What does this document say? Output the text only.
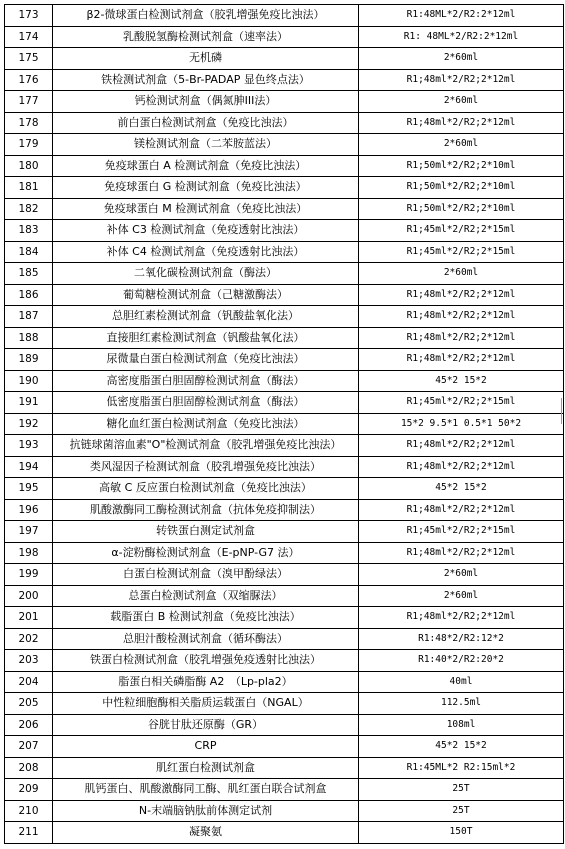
173	β2-微球蛋白检测试剂盒（胶乳增强免疫比浊法）	R1:48ML*2/R2:2*12ml
174	乳酸脱氢酶检测试剂盒（速率法）	R1: 48ML*2/R2:2*12ml
175	无机磷	2*60ml
176	铁检测试剂盒（5-Br-PADAP 显色终点法）	R1;48ml*2/R2;2*12ml
177	钙检测试剂盒（偶氮胂III法）	2*60ml
178	前白蛋白检测试剂盒（免疫比浊法）	R1;48ml*2/R2;2*12ml
179	镁检测试剂盒（二苯胺蓝法）	2*60ml
180	免疫球蛋白 A 检测试剂盒（免疫比浊法）	R1;50ml*2/R2;2*10ml
181	免疫球蛋白 G 检测试剂盒（免疫比浊法）	R1;50ml*2/R2;2*10ml
182	免疫球蛋白 M 检测试剂盒（免疫比浊法）	R1;50ml*2/R2;2*10ml
183	补体 C3 检测试剂盒（免疫透射比浊法）	R1;45ml*2/R2;2*15ml
184	补体 C4 检测试剂盒（免疫透射比浊法）	R1;45ml*2/R2;2*15ml
185	二氧化碳检测试剂盒（酶法）	2*60ml
186	葡萄糖检测试剂盒（己糖激酶法）	R1;48ml*2/R2;2*12ml
187	总胆红素检测试剂盒（钒酸盐氧化法）	R1;48ml*2/R2;2*12ml
188	直接胆红素检测试剂盒（钒酸盐氧化法）	R1;48ml*2/R2;2*12ml
189	尿微量白蛋白检测试剂盒（免疫比浊法）	R1;48ml*2/R2;2*12ml
190	高密度脂蛋白胆固醇检测试剂盒（酶法）	45*2 15*2
191	低密度脂蛋白胆固醇检测试剂盒（酶法）	R1;45ml*2/R2;2*15ml
192	糖化血红蛋白检测试剂盒（免疫比浊法）	15*2 9.5*1 0.5*1 50*2
193	抗链球菌溶血素"O"检测试剂盒（胶乳增强免疫比浊法）	R1;48ml*2/R2;2*12ml
194	类风湿因子检测试剂盒（胶乳增强免疫比浊法）	R1;48ml*2/R2;2*12ml
195	高敏 C 反应蛋白检测试剂盒（免疫比浊法）	45*2 15*2
196	肌酸激酶同工酶检测试剂盒（抗体免疫抑制法）	R1;48ml*2/R2;2*12ml
197	转铁蛋白测定试剂盒	R1;45ml*2/R2;2*15ml
198	α-淀粉酶检测试剂盒（E-pNP-G7 法）	R1;48ml*2/R2;2*12ml
199	白蛋白检测试剂盒（溴甲酚绿法）	2*60ml
200	总蛋白检测试剂盒（双缩脲法）	2*60ml
201	载脂蛋白 B 检测试剂盒（免疫比浊法）	R1;48ml*2/R2;2*12ml
202	总胆汁酸检测试剂盒（循环酶法）	R1:48*2/R2:12*2
203	铁蛋白检测试剂盒（胶乳增强免疫透射比浊法）	R1:40*2/R2:20*2
204	脂蛋白相关磷脂酶 A2　（Lp-pla2）	40ml
205	中性粒细胞酶相关脂质运载蛋白（NGAL）	112.5ml
206	谷胱甘肽还原酶（GR）	108ml
207	CRP	45*2 15*2
208	肌红蛋白检测试剂盒	R1:45ML*2 R2:15ml*2
209	肌钙蛋白、肌酸激酶同工酶、肌红蛋白联合试剂盒	25T
210	N-末端脑钠肽前体测定试剂	25T
211	凝聚氨	150T
